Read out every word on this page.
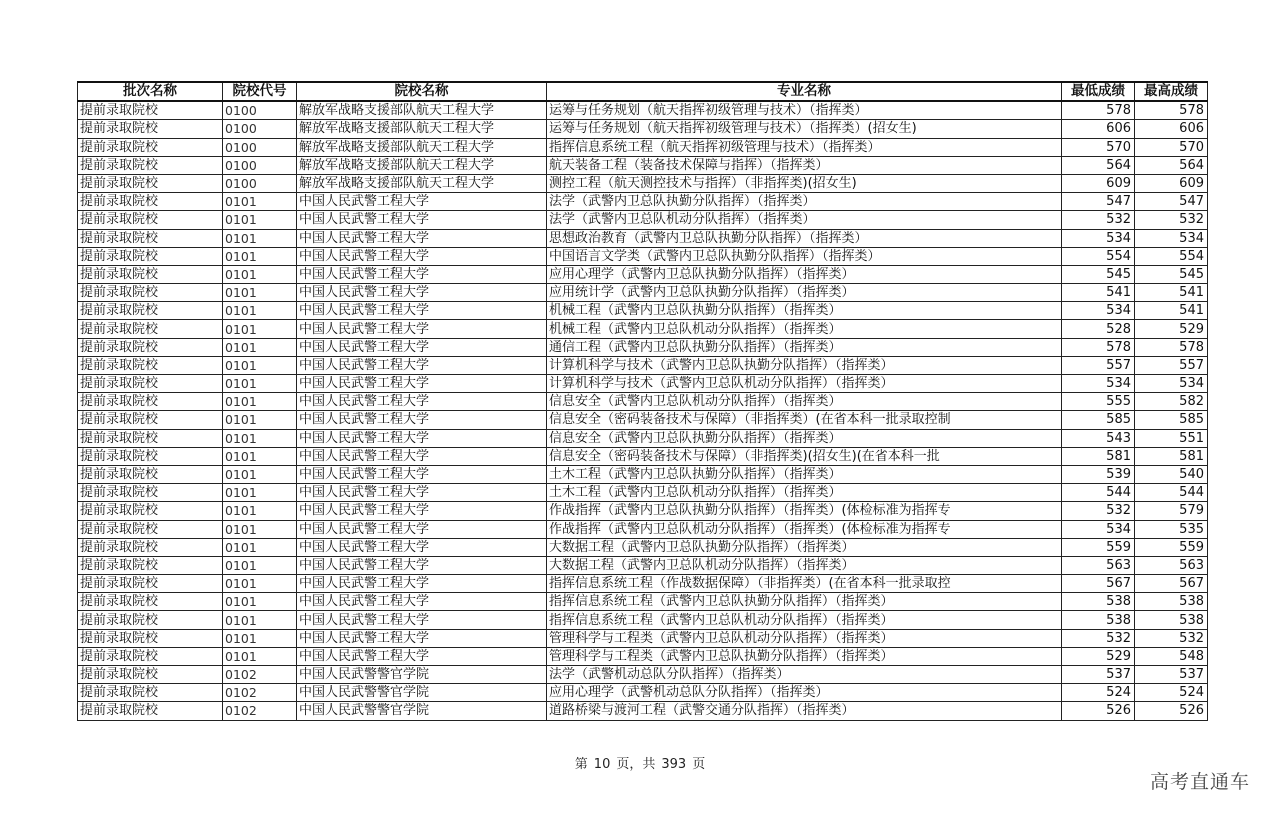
批次名称	院校代号	院校名称	专业名称	最低成绩	最高成绩
提前录取院校	0100	解放军战略支援部队航天工程大学	运筹与任务规划（航天指挥初级管理与技术）（指挥类）	578	578
提前录取院校	0100	解放军战略支援部队航天工程大学	运筹与任务规划（航天指挥初级管理与技术）（指挥类）(招女生)	606	606
提前录取院校	0100	解放军战略支援部队航天工程大学	指挥信息系统工程（航天指挥初级管理与技术）（指挥类）	570	570
提前录取院校	0100	解放军战略支援部队航天工程大学	航天装备工程（装备技术保障与指挥）（指挥类）	564	564
提前录取院校	0100	解放军战略支援部队航天工程大学	测控工程（航天测控技术与指挥）（非指挥类)(招女生)	609	609
提前录取院校	0101	中国人民武警工程大学	法学（武警内卫总队执勤分队指挥）（指挥类）	547	547
提前录取院校	0101	中国人民武警工程大学	法学（武警内卫总队机动分队指挥）（指挥类）	532	532
提前录取院校	0101	中国人民武警工程大学	思想政治教育（武警内卫总队执勤分队指挥）（指挥类）	534	534
提前录取院校	0101	中国人民武警工程大学	中国语言文学类（武警内卫总队执勤分队指挥）（指挥类）	554	554
提前录取院校	0101	中国人民武警工程大学	应用心理学（武警内卫总队执勤分队指挥）（指挥类）	545	545
提前录取院校	0101	中国人民武警工程大学	应用统计学（武警内卫总队执勤分队指挥）（指挥类）	541	541
提前录取院校	0101	中国人民武警工程大学	机械工程（武警内卫总队执勤分队指挥）（指挥类）	534	541
提前录取院校	0101	中国人民武警工程大学	机械工程（武警内卫总队机动分队指挥）（指挥类）	528	529
提前录取院校	0101	中国人民武警工程大学	通信工程（武警内卫总队执勤分队指挥）（指挥类）	578	578
提前录取院校	0101	中国人民武警工程大学	计算机科学与技术（武警内卫总队执勤分队指挥）（指挥类）	557	557
提前录取院校	0101	中国人民武警工程大学	计算机科学与技术（武警内卫总队机动分队指挥）（指挥类）	534	534
提前录取院校	0101	中国人民武警工程大学	信息安全（武警内卫总队机动分队指挥）（指挥类）	555	582
提前录取院校	0101	中国人民武警工程大学	信息安全（密码装备技术与保障）（非指挥类）(在省本科一批录取控制	585	585
提前录取院校	0101	中国人民武警工程大学	信息安全（武警内卫总队执勤分队指挥）（指挥类）	543	551
提前录取院校	0101	中国人民武警工程大学	信息安全（密码装备技术与保障）（非指挥类)(招女生)(在省本科一批	581	581
提前录取院校	0101	中国人民武警工程大学	土木工程（武警内卫总队执勤分队指挥）（指挥类）	539	540
提前录取院校	0101	中国人民武警工程大学	土木工程（武警内卫总队机动分队指挥）（指挥类）	544	544
提前录取院校	0101	中国人民武警工程大学	作战指挥（武警内卫总队执勤分队指挥）（指挥类）(体检标准为指挥专	532	579
提前录取院校	0101	中国人民武警工程大学	作战指挥（武警内卫总队机动分队指挥）（指挥类）(体检标准为指挥专	534	535
提前录取院校	0101	中国人民武警工程大学	大数据工程（武警内卫总队执勤分队指挥）（指挥类）	559	559
提前录取院校	0101	中国人民武警工程大学	大数据工程（武警内卫总队机动分队指挥）（指挥类）	563	563
提前录取院校	0101	中国人民武警工程大学	指挥信息系统工程（作战数据保障）（非指挥类）(在省本科一批录取控	567	567
提前录取院校	0101	中国人民武警工程大学	指挥信息系统工程（武警内卫总队执勤分队指挥）（指挥类）	538	538
提前录取院校	0101	中国人民武警工程大学	指挥信息系统工程（武警内卫总队机动分队指挥）（指挥类）	538	538
提前录取院校	0101	中国人民武警工程大学	管理科学与工程类（武警内卫总队机动分队指挥）（指挥类）	532	532
提前录取院校	0101	中国人民武警工程大学	管理科学与工程类（武警内卫总队执勤分队指挥）（指挥类）	529	548
提前录取院校	0102	中国人民武警警官学院	法学（武警机动总队分队指挥）（指挥类）	537	537
提前录取院校	0102	中国人民武警警官学院	应用心理学（武警机动总队分队指挥）（指挥类）	524	524
提前录取院校	0102	中国人民武警警官学院	道路桥梁与渡河工程（武警交通分队指挥）（指挥类）	526	526
第 10 页，共 393 页
高考直通车
